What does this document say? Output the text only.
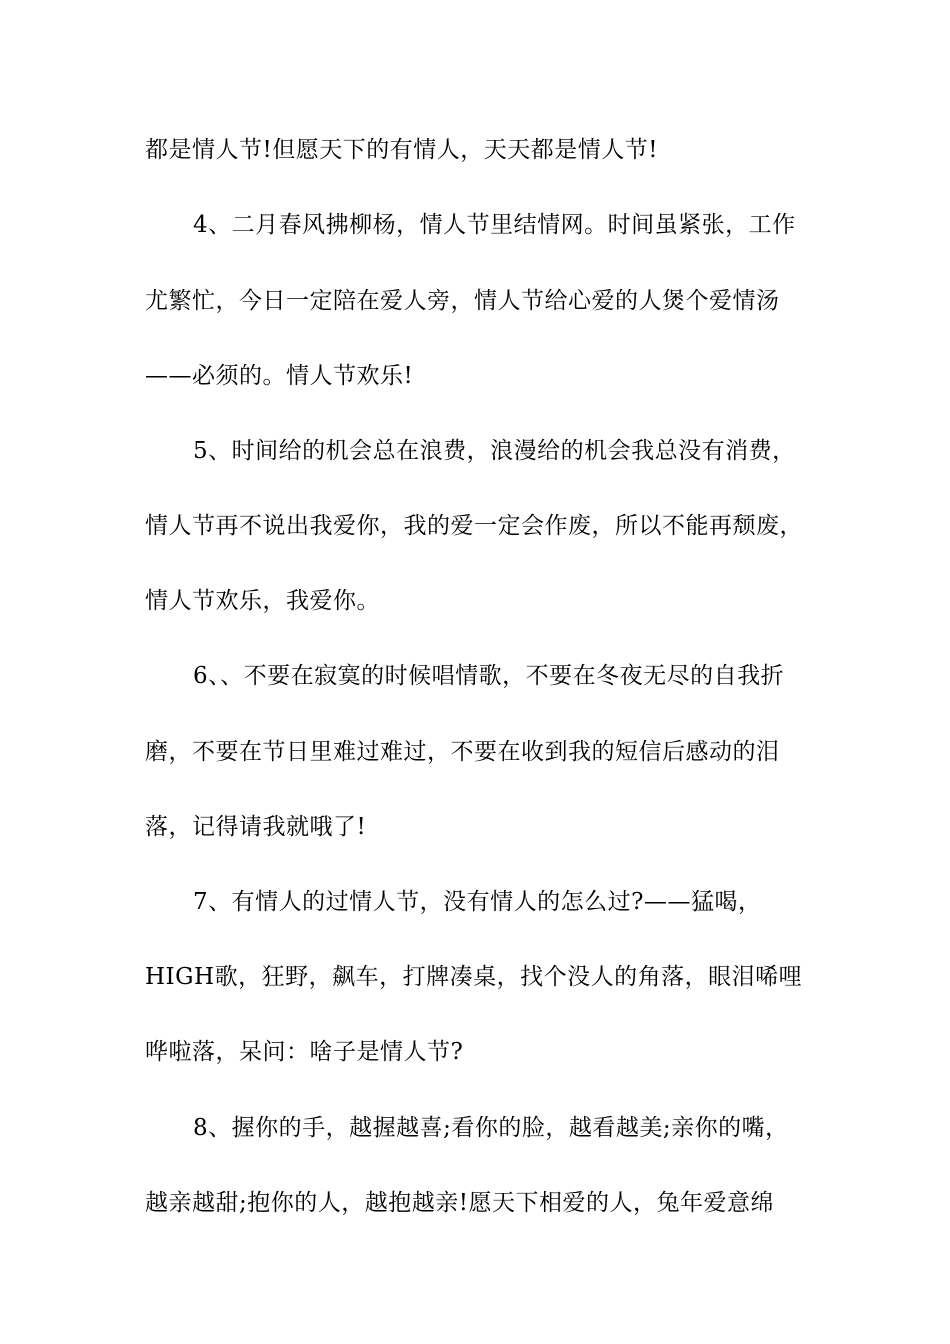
都是情人节!但愿天下的有情人，天天都是情人节!
4、二月春风拂柳杨，情人节里结情网。时间虽紧张，工作
尤繁忙，今日一定陪在爱人旁，情人节给心爱的人煲个爱情汤
——必须的。情人节欢乐!
5、时间给的机会总在浪费，浪漫给的机会我总没有消费，
情人节再不说出我爱你，我的爱一定会作废，所以不能再颓废，
情人节欢乐，我爱你。
6、、不要在寂寞的时候唱情歌，不要在冬夜无尽的自我折
磨，不要在节日里难过难过，不要在收到我的短信后感动的泪
落，记得请我就哦了!
7、有情人的过情人节，没有情人的怎么过?——猛喝，
HIGH歌，狂野，飙车，打牌凑桌，找个没人的角落，眼泪唏哩
哗啦落，呆问：啥子是情人节?
8、握你的手，越握越喜;看你的脸，越看越美;亲你的嘴，
越亲越甜;抱你的人，越抱越亲!愿天下相爱的人，兔年爱意绵
